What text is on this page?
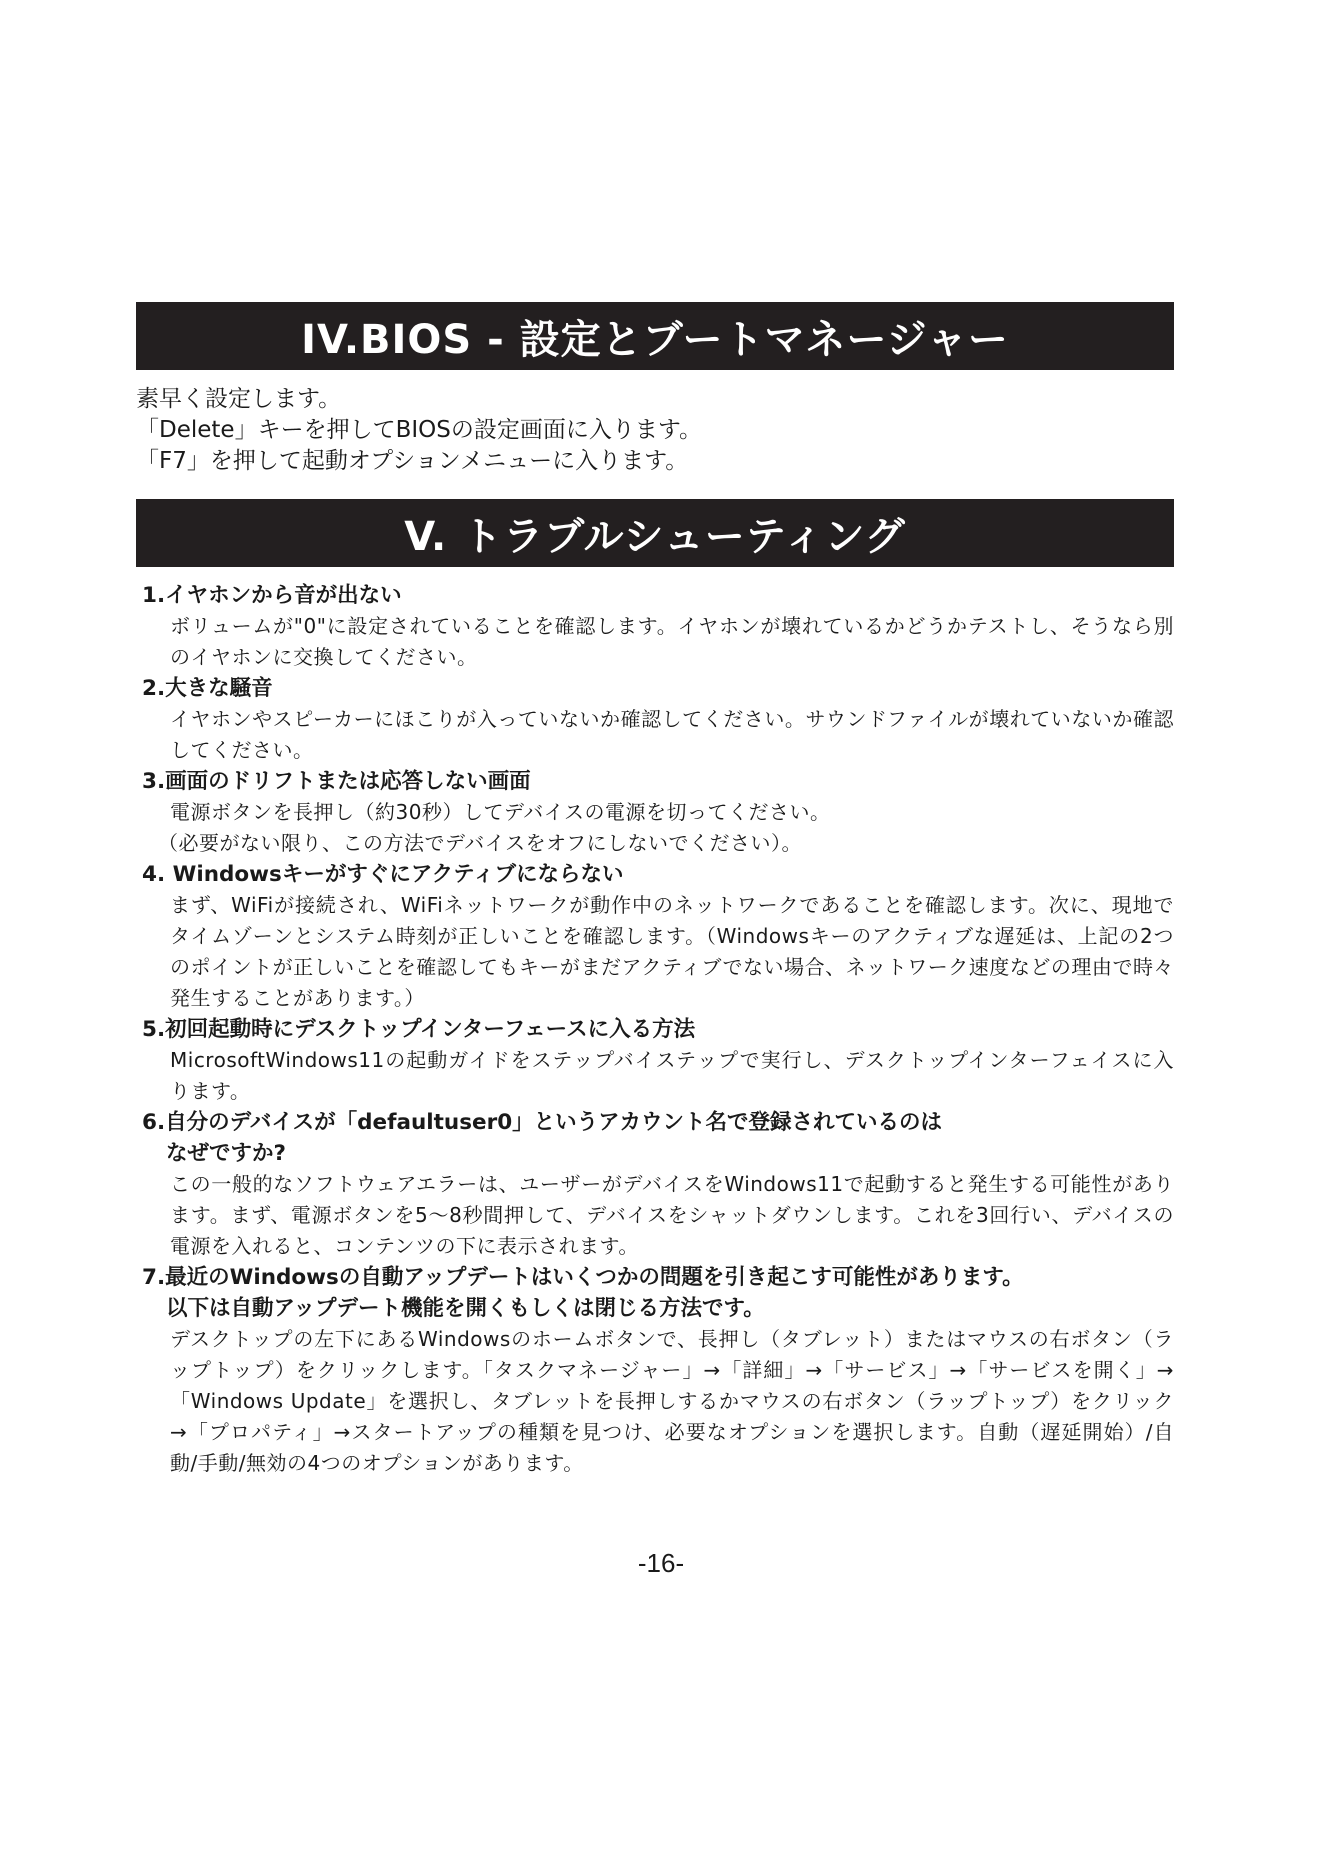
IV.BIOS - 設定とブートマネージャー
素早く設定します。
「Delete」キーを押してBIOSの設定画面に入ります。
「F7」を押して起動オプションメニューに入ります。
V. トラブルシューティング
1.イヤホンから音が出ない

ボリュームが"0"に設定されていることを確認します。イヤホンが壊れているかどうかテストし、そうなら別のイヤホンに交換してください。

2.大きな騒音

イヤホンやスピーカーにほこりが入っていないか確認してください。サウンドファイルが壊れていないか確認してください。

3.画面のドリフトまたは応答しない画面

電源ボタンを長押し（約30秒）してデバイスの電源を切ってください。

（必要がない限り、この方法でデバイスをオフにしないでください）。

4. Windowsキーがすぐにアクティブにならない

まず、WiFiが接続され、WiFiネットワークが動作中のネットワークであることを確認します。次に、現地でタイムゾーンとシステム時刻が正しいことを確認します。（Windowsキーのアクティブな遅延は、上記の2つのポイントが正しいことを確認してもキーがまだアクティブでない場合、ネットワーク速度などの理由で時々発生することがあります。）

5.初回起動時にデスクトップインターフェースに入る方法

MicrosoftWindows11の起動ガイドをステップバイステップで実行し、デスクトップインターフェイスに入ります。

6.自分のデバイスが「defaultuser0」というアカウント名で登録されているのは
なぜですか?

この一般的なソフトウェアエラーは、ユーザーがデバイスをWindows11で起動すると発生する可能性があります。まず、電源ボタンを5〜8秒間押して、デバイスをシャットダウンします。これを3回行い、デバイスの電源を入れると、コンテンツの下に表示されます。

7.最近のWindowsの自動アップデートはいくつかの問題を引き起こす可能性があります。
以下は自動アップデート機能を開くもしくは閉じる方法です。

デスクトップの左下にあるWindowsのホームボタンで、長押し（タブレット）またはマウスの右ボタン（ラップトップ）をクリックします。「タスクマネージャー」→「詳細」→「サービス」→「サービスを開く」→「Windows Update」を選択し、タブレットを長押しするかマウスの右ボタン（ラップトップ）をクリック→「プロパティ」→スタートアップの種類を見つけ、必要なオプションを選択します。自動（遅延開始）/自動/手動/無効の4つのオプションがあります。

-16-
